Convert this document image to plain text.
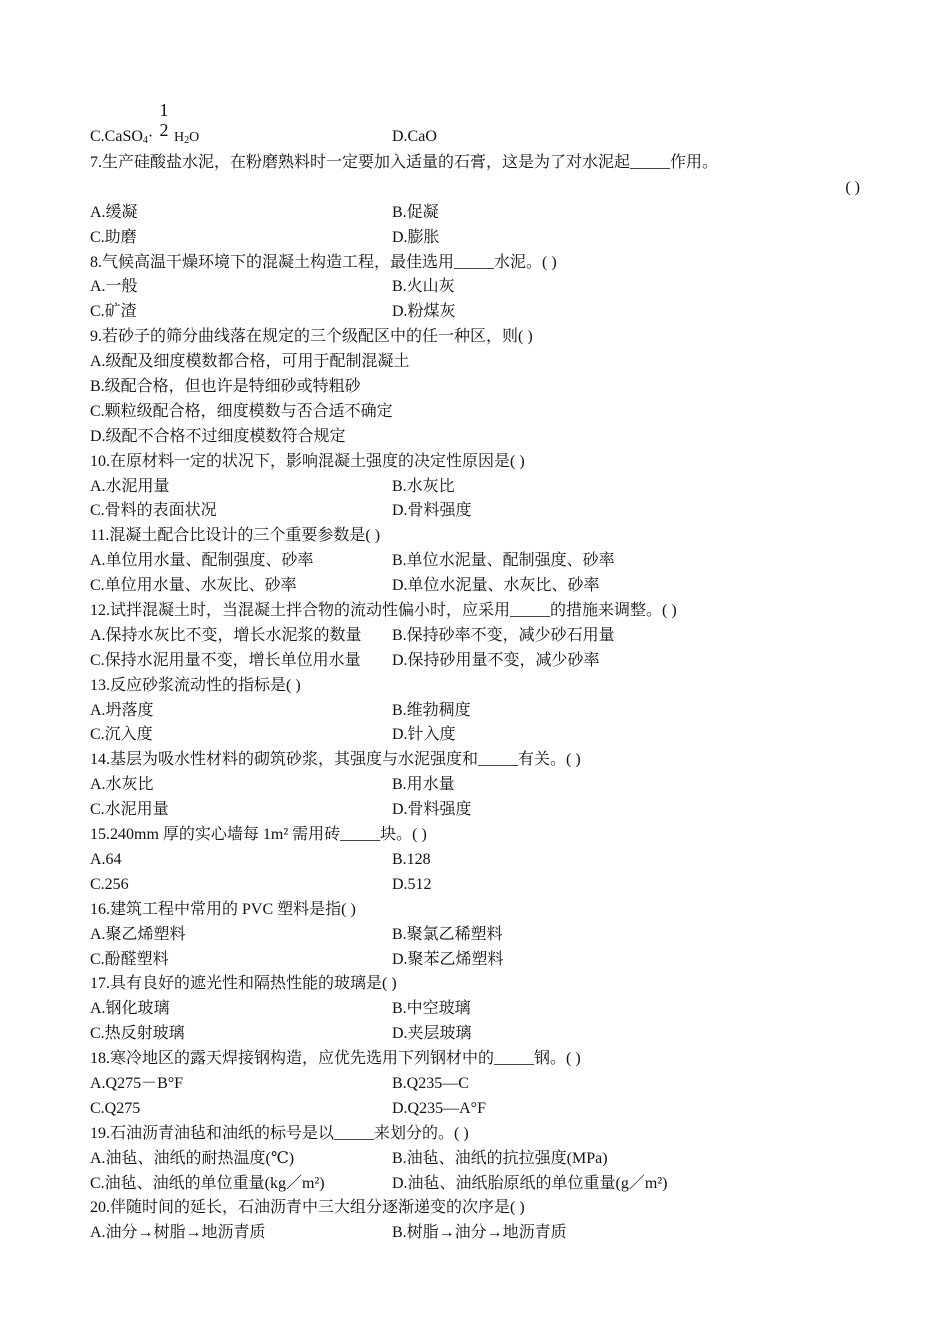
1
2
C.CaSO$_4$· $H_2O$	D.CaO
7.生产硅酸盐水泥，在粉磨熟料时一定要加入适量的石膏，这是为了对水泥起_____作用。
( )
A.缓凝	B.促凝
C.助磨	D.膨胀
8.气候高温干燥环境下的混凝土构造工程，最佳选用_____水泥。( )
A.一般	B.火山灰
C.矿渣	D.粉煤灰
9.若砂子的筛分曲线落在规定的三个级配区中的任一种区，则( )
A.级配及细度模数都合格，可用于配制混凝土
B.级配合格，但也许是特细砂或特粗砂
C.颗粒级配合格，细度模数与否合适不确定
D.级配不合格不过细度模数符合规定
10.在原材料一定的状况下，影响混凝土强度的决定性原因是( )
A.水泥用量	B.水灰比
C.骨料的表面状况	D.骨料强度
11.混凝土配合比设计的三个重要参数是( )
A.单位用水量、配制强度、砂率	B.单位水泥量、配制强度、砂率
C.单位用水量、水灰比、砂率	D.单位水泥量、水灰比、砂率
12.试拌混凝土时，当混凝土拌合物的流动性偏小时，应采用_____的措施来调整。( )
A.保持水灰比不变，增长水泥浆的数量 B.保持砂率不变，减少砂石用量
C.保持水泥用量不变，增长单位用水量 D.保持砂用量不变，减少砂率
13.反应砂浆流动性的指标是( )
A.坍落度	B.维勃稠度
C.沉入度	D.针入度
14.基层为吸水性材料的砌筑砂浆，其强度与水泥强度和_____有关。( )
A.水灰比	B.用水量
C.水泥用量	D.骨料强度
15.240mm 厚的实心墙每 1m² 需用砖_____块。( )
A.64	B.128
C.256	D.512
16.建筑工程中常用的 PVC 塑料是指( )
A.聚乙烯塑料	B.聚氯乙稀塑料
C.酚醛塑料	D.聚苯乙烯塑料
17.具有良好的遮光性和隔热性能的玻璃是( )
A.钢化玻璃	B.中空玻璃
C.热反射玻璃	D.夹层玻璃
18.寒冷地区的露天焊接钢构造，应优先选用下列钢材中的_____钢。( )
A.Q275－B°F	B.Q235—C
C.Q275	D.Q235—A°F
19.石油沥青油毡和油纸的标号是以_____来划分的。( )
A.油毡、油纸的耐热温度(℃)	B.油毡、油纸的抗拉强度(MPa)
C.油毡、油纸的单位重量(kg／m²)	D.油毡、油纸胎原纸的单位重量(g／m²)
20.伴随时间的延长，石油沥青中三大组分逐渐递变的次序是( )
A.油分→树脂→地沥青质	B.树脂→油分→地沥青质
